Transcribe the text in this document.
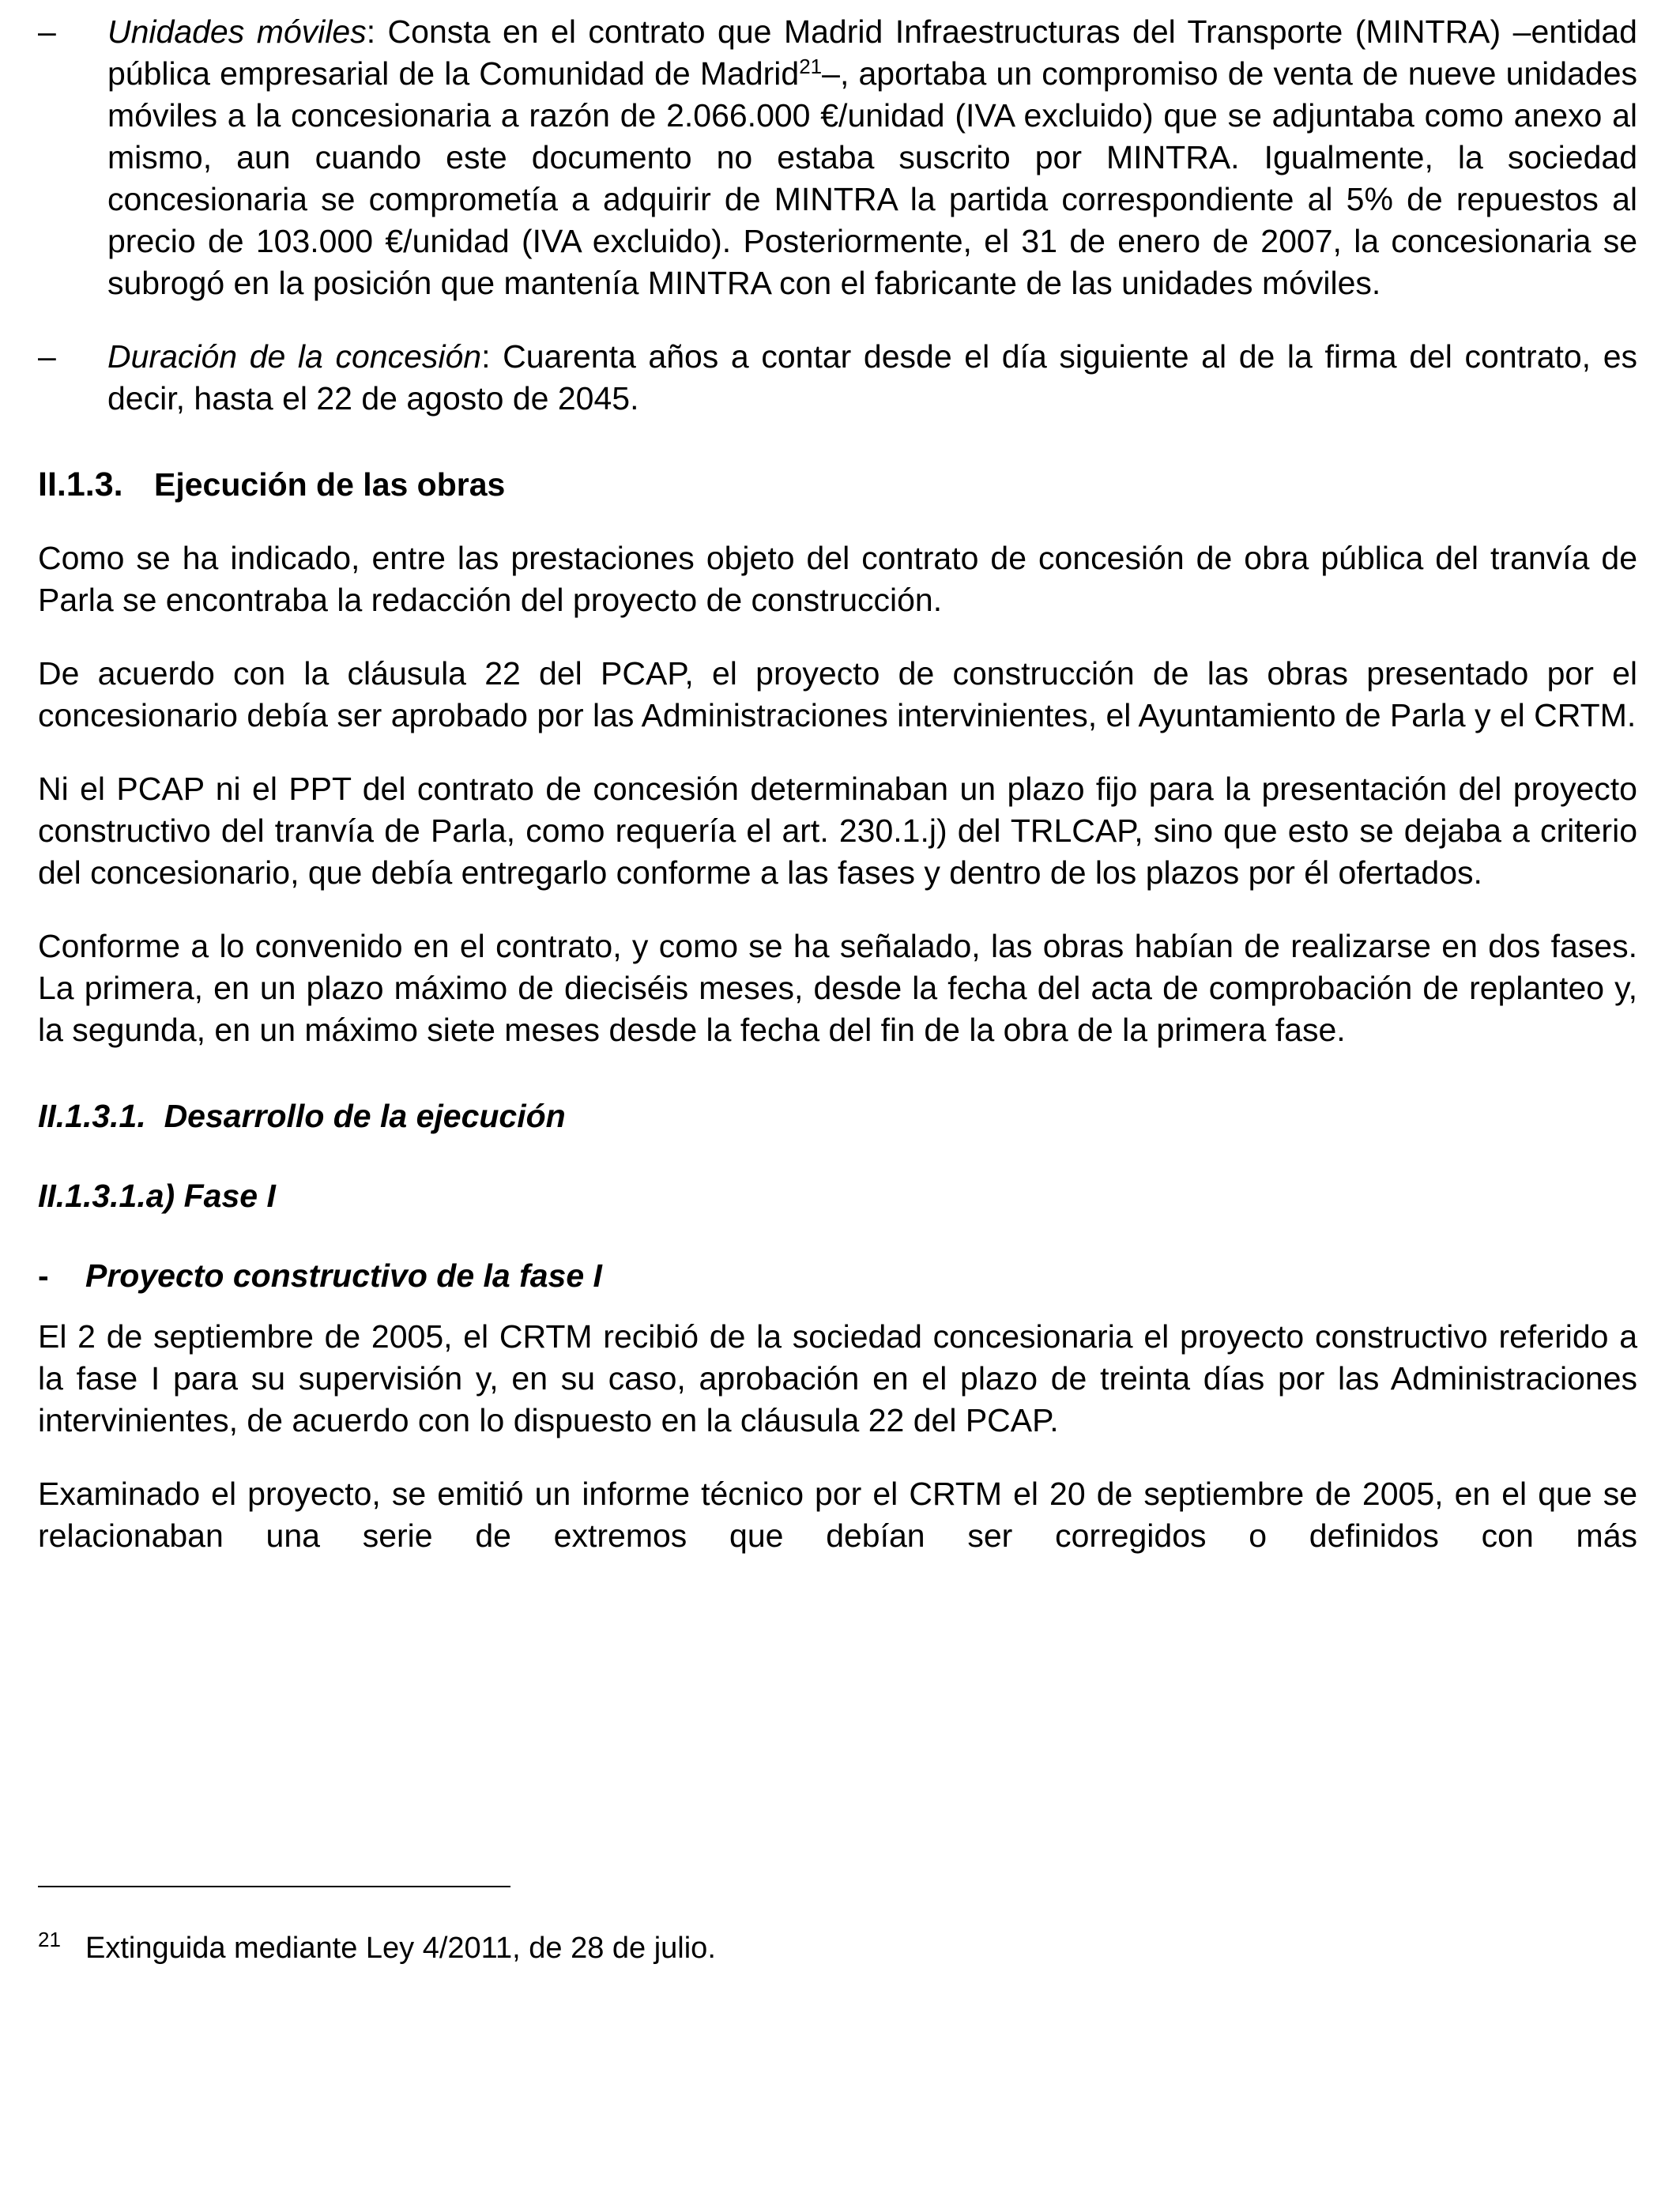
–	Unidades móviles: Consta en el contrato que Madrid Infraestructuras del Transporte (MINTRA) –entidad pública empresarial de la Comunidad de Madrid$^{21}$–, aportaba un compromiso de venta de nueve unidades móviles a la concesionaria a razón de 2.066.000 €/unidad (IVA excluido) que se adjuntaba como anexo al mismo, aun cuando este documento no estaba suscrito por MINTRA. Igualmente, la sociedad concesionaria se comprometía a adquirir de MINTRA la partida correspondiente al 5% de repuestos al precio de 103.000 €/unidad (IVA excluido). Posteriormente, el 31 de enero de 2007, la concesionaria se subrogó en la posición que mantenía MINTRA con el fabricante de las unidades móviles.

–	Duración de la concesión: Cuarenta años a contar desde el día siguiente al de la firma del contrato, es decir, hasta el 22 de agosto de 2045.

II.1.3. Ejecución de las obras

Como se ha indicado, entre las prestaciones objeto del contrato de concesión de obra pública del tranvía de Parla se encontraba la redacción del proyecto de construcción.

De acuerdo con la cláusula 22 del PCAP, el proyecto de construcción de las obras presentado por el concesionario debía ser aprobado por las Administraciones intervinientes, el Ayuntamiento de Parla y el CRTM.

Ni el PCAP ni el PPT del contrato de concesión determinaban un plazo fijo para la presentación del proyecto constructivo del tranvía de Parla, como requería el art. 230.1.j) del TRLCAP, sino que esto se dejaba a criterio del concesionario, que debía entregarlo conforme a las fases y dentro de los plazos por él ofertados.

Conforme a lo convenido en el contrato, y como se ha señalado, las obras habían de realizarse en dos fases. La primera, en un plazo máximo de dieciséis meses, desde la fecha del acta de comprobación de replanteo y, la segunda, en un máximo siete meses desde la fecha del fin de la obra de la primera fase.

II.1.3.1. Desarrollo de la ejecución

II.1.3.1.a) Fase I

- Proyecto constructivo de la fase I

El 2 de septiembre de 2005, el CRTM recibió de la sociedad concesionaria el proyecto constructivo referido a la fase I para su supervisión y, en su caso, aprobación en el plazo de treinta días por las Administraciones intervinientes, de acuerdo con lo dispuesto en la cláusula 22 del PCAP.

Examinado el proyecto, se emitió un informe técnico por el CRTM el 20 de septiembre de 2005, en el que se relacionaban una serie de extremos que debían ser corregidos o definidos con más

21 Extinguida mediante Ley 4/2011, de 28 de julio.
